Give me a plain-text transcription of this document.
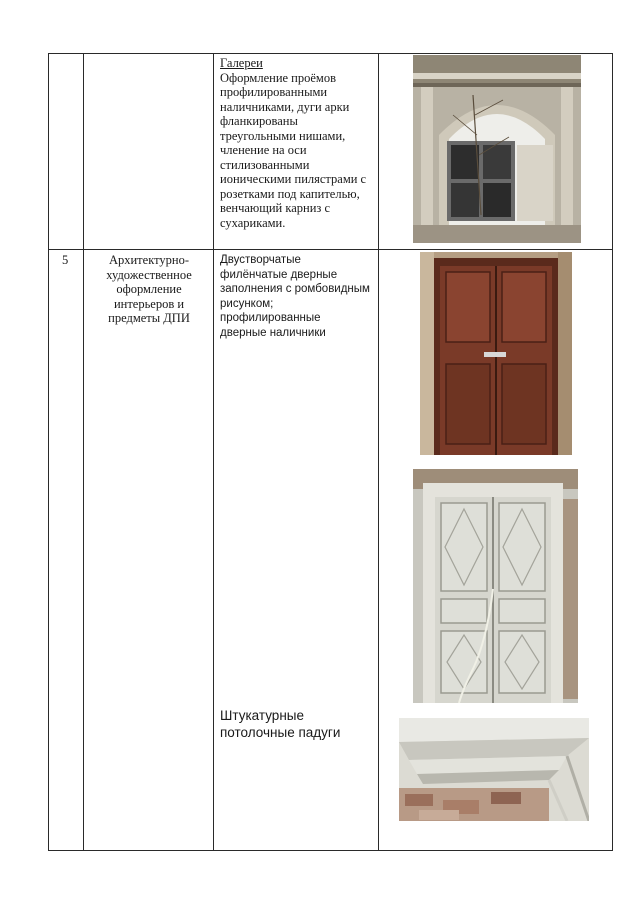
Галереи
Оформление проёмов профилированными наличниками, дуги арки фланкированы треугольными нишами, членение на оси стилизованными ионическими пилястрами с розетками под капителью, венчающий карниз с сухариками.
5	Архитектурно-художественное оформление интерьеров и предметы ДПИ
Двустворчатые филёнчатые дверные заполнения с ромбовидным рисунком; профилированные дверные наличники
Штукатурные потолочные падуги
